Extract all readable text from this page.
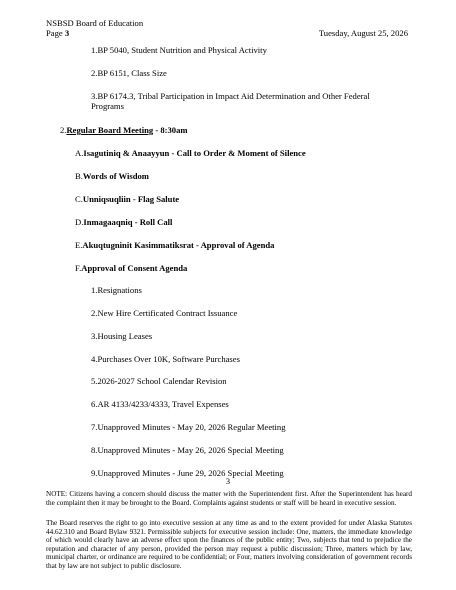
NSBSD Board of Education
Page 3	Tuesday, August 25, 2026
1.BP 5040, Student Nutrition and Physical Activity
2.BP 6151, Class Size
3.BP 6174.3, Tribal Participation in Impact Aid Determination and Other Federal Programs
2.Regular Board Meeting - 8:30am
A.Isagutiniq & Anaayyun - Call to Order & Moment of Silence
B.Words of Wisdom
C.Unniqsuqliin - Flag Salute
D.Inmagaaqniq - Roll Call
E.Akuqtugninit Kasimmatiksrat - Approval of Agenda
F.Approval of Consent Agenda
1.Resignations
2.New Hire Certificated Contract Issuance
3.Housing Leases
4.Purchases Over 10K, Software Purchases
5.2026-2027 School Calendar Revision
6.AR 4133/4233/4333, Travel Expenses
7.Unapproved Minutes - May 20, 2026 Regular Meeting
8.Unapproved Minutes - May 26, 2026 Special Meeting
9.Unapproved Minutes - June 29, 2026 Special Meeting
3
NOTE: Citizens having a concern should discuss the matter with the Superintendent first. After the Superintendent has heard the complaint then it may be brought to the Board. Complaints against students or staff will be heard in executive session.
The Board reserves the right to go into executive session at any time as and to the extent provided for under Alaska Statutes 44.62.310 and Board Bylaw 9321. Permissible subjects for executive session include: One, matters, the immediate knowledge of which would clearly have an adverse effect upon the finances of the public entity; Two, subjects that tend to prejudice the reputation and character of any person, provided the person may request a public discussion; Three, matters which by law, municipal charter, or ordinance are required to be confidential; or Four, matters involving consideration of government records that by law are not subject to public disclosure.
